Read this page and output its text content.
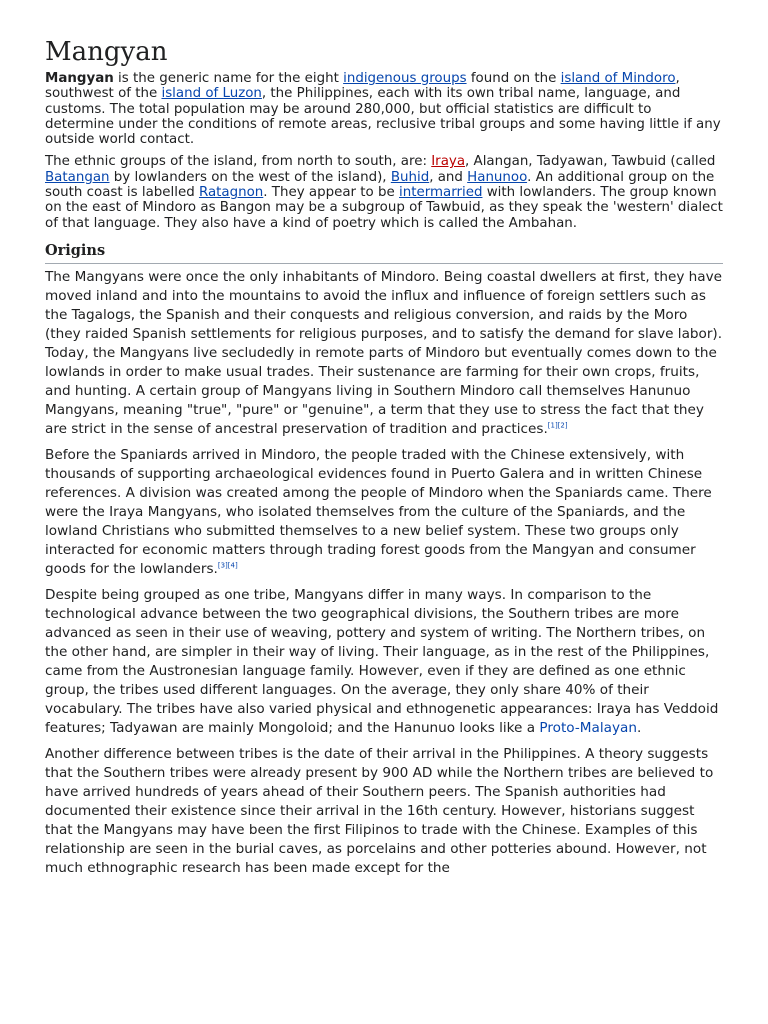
Mangyan

Mangyan is the generic name for the eight indigenous groups found on the island of Mindoro, southwest of the island of Luzon, the Philippines, each with its own tribal name, language, and customs. The total population may be around 280,000, but official statistics are difficult to determine under the conditions of remote areas, reclusive tribal groups and some having little if any outside world contact.

The ethnic groups of the island, from north to south, are: Iraya, Alangan, Tadyawan, Tawbuid (called Batangan by lowlanders on the west of the island), Buhid, and Hanunoo. An additional group on the south coast is labelled Ratagnon. They appear to be intermarried with lowlanders. The group known on the east of Mindoro as Bangon may be a subgroup of Tawbuid, as they speak the 'western' dialect of that language. They also have a kind of poetry which is called the Ambahan.

Origins

The Mangyans were once the only inhabitants of Mindoro. Being coastal dwellers at first, they have moved inland and into the mountains to avoid the influx and influence of foreign settlers such as the Tagalogs, the Spanish and their conquests and religious conversion, and raids by the Moro (they raided Spanish settlements for religious purposes, and to satisfy the demand for slave labor). Today, the Mangyans live secludedly in remote parts of Mindoro but eventually comes down to the lowlands in order to make usual trades. Their sustenance are farming for their own crops, fruits, and hunting. A certain group of Mangyans living in Southern Mindoro call themselves Hanunuo Mangyans, meaning "true", "pure" or "genuine", a term that they use to stress the fact that they are strict in the sense of ancestral preservation of tradition and practices.[1][2]

Before the Spaniards arrived in Mindoro, the people traded with the Chinese extensively, with thousands of supporting archaeological evidences found in Puerto Galera and in written Chinese references. A division was created among the people of Mindoro when the Spaniards came. There were the Iraya Mangyans, who isolated themselves from the culture of the Spaniards, and the lowland Christians who submitted themselves to a new belief system. These two groups only interacted for economic matters through trading forest goods from the Mangyan and consumer goods for the lowlanders.[3][4]

Despite being grouped as one tribe, Mangyans differ in many ways. In comparison to the technological advance between the two geographical divisions, the Southern tribes are more advanced as seen in their use of weaving, pottery and system of writing. The Northern tribes, on the other hand, are simpler in their way of living. Their language, as in the rest of the Philippines, came from the Austronesian language family. However, even if they are defined as one ethnic group, the tribes used different languages. On the average, they only share 40% of their vocabulary. The tribes have also varied physical and ethnogenetic appearances: Iraya has Veddoid features; Tadyawan are mainly Mongoloid; and the Hanunuo looks like a Proto-Malayan.

Another difference between tribes is the date of their arrival in the Philippines. A theory suggests that the Southern tribes were already present by 900 AD while the Northern tribes are believed to have arrived hundreds of years ahead of their Southern peers. The Spanish authorities had documented their existence since their arrival in the 16th century. However, historians suggest that the Mangyans may have been the first Filipinos to trade with the Chinese. Examples of this relationship are seen in the burial caves, as porcelains and other potteries abound. However, not much ethnographic research has been made except for the
